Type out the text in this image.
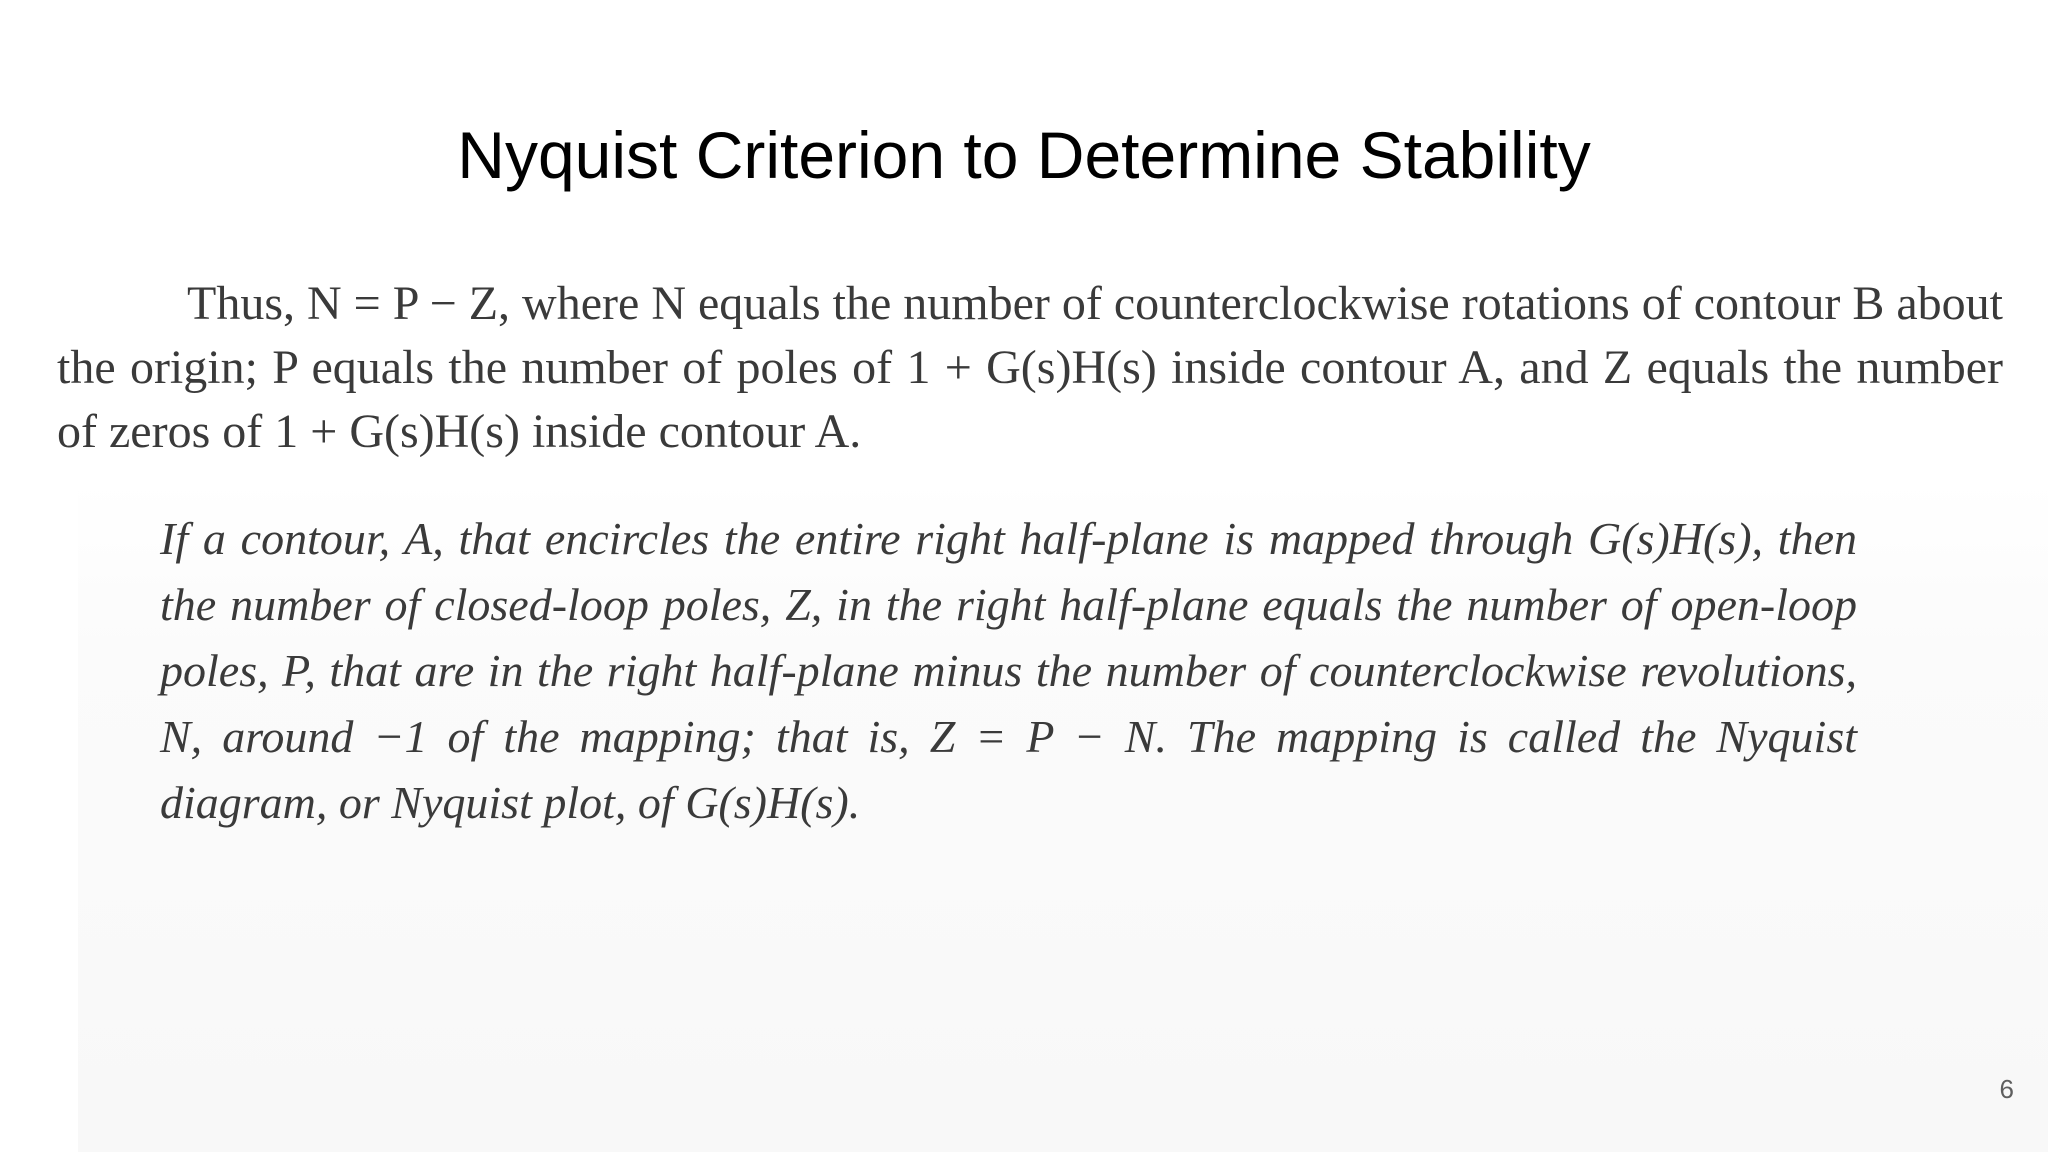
Nyquist Criterion to Determine Stability

Thus, N = P − Z, where N equals the number of counterclockwise rotations of contour B about the origin; P equals the number of poles of 1 + G(s)H(s) inside contour A, and Z equals the number of zeros of 1 + G(s)H(s) inside contour A.

If a contour, A, that encircles the entire right half-plane is mapped through G(s)H(s), then the number of closed-loop poles, Z, in the right half-plane equals the number of open-loop poles, P, that are in the right half-plane minus the number of counterclockwise revolutions, N, around −1 of the mapping; that is, Z = P − N. The mapping is called the Nyquist diagram, or Nyquist plot, of G(s)H(s).

6
